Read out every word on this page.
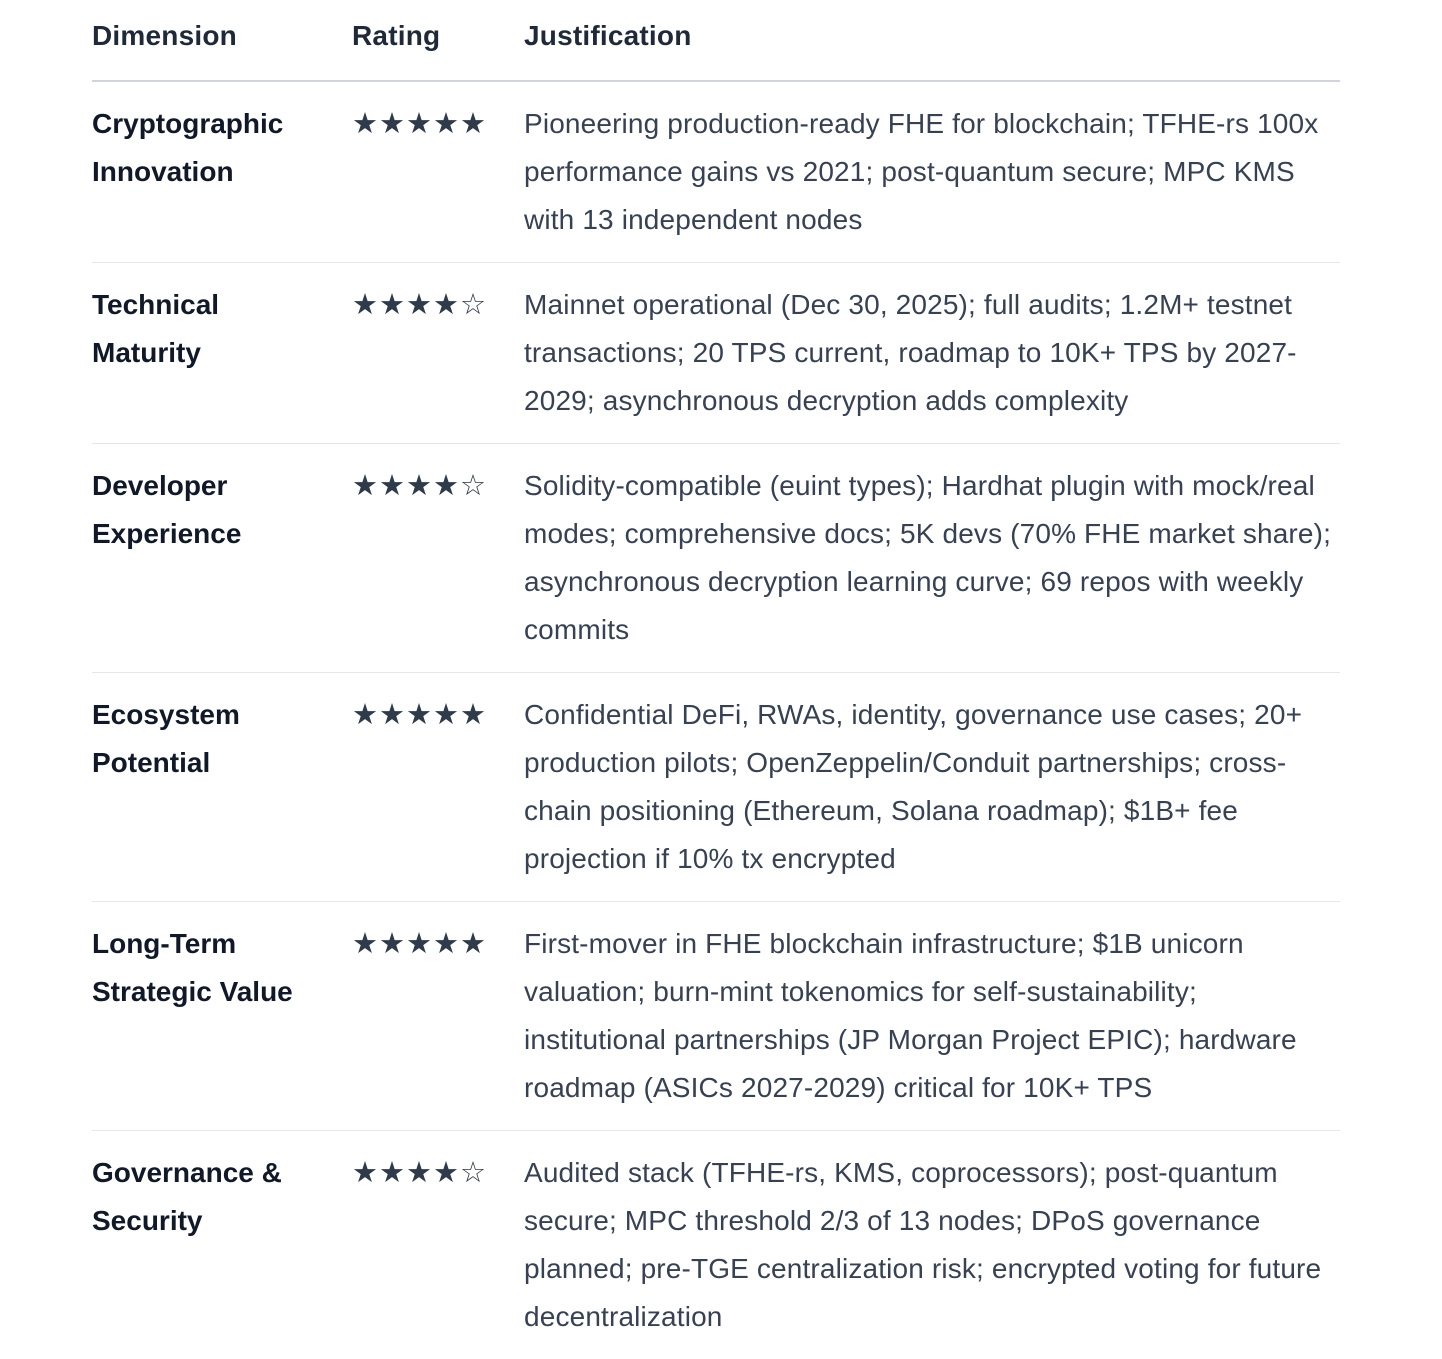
Dimension	Rating	Justification
Cryptographic Innovation	★★★★★	Pioneering production-ready FHE for blockchain; TFHE-rs 100x performance gains vs 2021; post-quantum secure; MPC KMS with 13 independent nodes
Technical Maturity	★★★★☆	Mainnet operational (Dec 30, 2025); full audits; 1.2M+ testnet transactions; 20 TPS current, roadmap to 10K+ TPS by 2027-2029; asynchronous decryption adds complexity
Developer Experience	★★★★☆	Solidity-compatible (euint types); Hardhat plugin with mock/real modes; comprehensive docs; 5K devs (70% FHE market share); asynchronous decryption learning curve; 69 repos with weekly commits
Ecosystem Potential	★★★★★	Confidential DeFi, RWAs, identity, governance use cases; 20+ production pilots; OpenZeppelin/Conduit partnerships; cross-chain positioning (Ethereum, Solana roadmap); $1B+ fee projection if 10% tx encrypted
Long-Term Strategic Value	★★★★★	First-mover in FHE blockchain infrastructure; $1B unicorn valuation; burn-mint tokenomics for self-sustainability; institutional partnerships (JP Morgan Project EPIC); hardware roadmap (ASICs 2027-2029) critical for 10K+ TPS
Governance & Security	★★★★☆	Audited stack (TFHE-rs, KMS, coprocessors); post-quantum secure; MPC threshold 2/3 of 13 nodes; DPoS governance planned; pre-TGE centralization risk; encrypted voting for future decentralization
